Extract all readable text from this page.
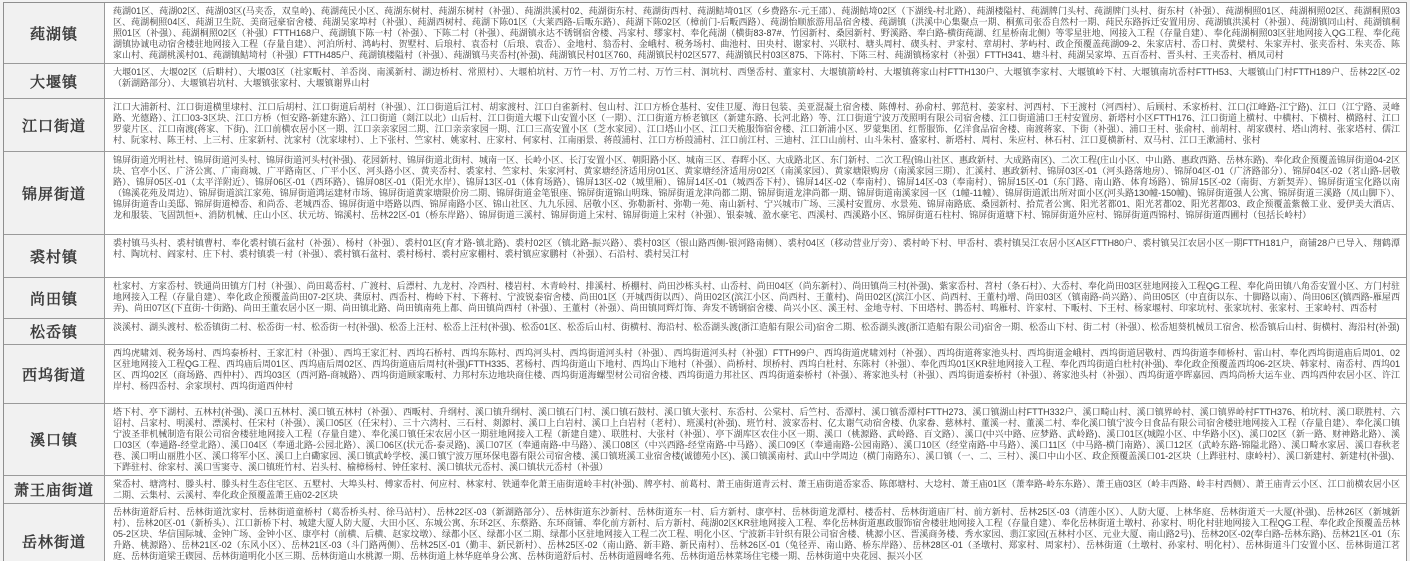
莼湖镇
莼湖01区、莼湖02区、莼湖03区(马夹岙，双皇岭)、莼湖莼民小区、莼湖东树村、莼湖东树村（补强）、莼湖洪溪村02、莼湖街东村、莼湖街西村、莼湖鲒埼01区（乡费路东-元王邵）、莼湖鲒埼02区（下湖线-村北路）、莼湖楼隘村、莼湖牌门头村、莼湖牌门头村、街东村（补强）、莼湖桐照01区、莼湖桐照02区、莼湖桐照03区、莼湖桐照04区、莼湖卫生院、美商冠豪宿舍楼、莼湖吴家埠村（补强）、莼湖西树村、莼湖下陈01区（大莱西路-后畈东路）、莼湖下陈02区（樟前门-后畈西路）、莼湖怡顺旅游用品宿舍楼、莼湖镇（洪溪中心集聚点一期、桐蕉司张岙自然村一期、莼民东路拆迁安置用房、莼湖镇洪溪村（补强）、莼湖镇同山村、莼湖镇桐照01区（补强）、莼湖桐照02区（补强）FTTH168户、莼湖镇下陈一村（补强）、下陈二村（补强）、莼湖镇永达不锈钢宿舍楼、冯家村、缪家村、奉化莼湖（横街83-87#、竹园新村、桑园新村、野溪路、奉白路-横街莼湖、红星桥南北侧）等零星驻地、网接入工程（存量自建）、奉化莼湖桐照03区驻地网接入QG工程、奉化莼湖镇协诚电动宿舍楼驻地网接入工程（存量自建）、河泊所村、鸿屿村、贺墅村、后琅村、袁岙村（后琅、袁岙）、金地村、翁岙村、金峨村、税务场村、曲池村、田央村、谢家村、兴联村、塘头周村、碶头村、尹家村、章胡村、茅屿村、政企预覆盖莼湖09-2、朱家店村、岙口村、黄檗村、朱家弄村、张夹岙村、朱夹岙、陈家山村、莼湖桃溪村01、莼湖镇鲒埼村（补强）FTTH485户、莼湖镇楼隘村（补强）、莼湖镇马夹岙村(补强)、莼湖镇民村01区760、莼湖镇民村02区577、莼湖镇民村03区875、下陈村、下陈三村、莼湖镇杨家村（补强）FTTH341、塘斗村、莼湖吴家埠、五百岙村、晋头村、王夹岙村、栖凤司村
大堰镇
大堰01区、大堰02区（后畊村）、大堰03区（社家畈村、羊岙岗、南溪新村、湖边桥村、常照村）、大堰柏坑村、万竹一村、万竹二村、万竹三村、洞坑村、西堡岙村、董家村、大堰镇箭岭村、大堰镇蒋家山村FTTH130户、大堰镇李家村、大堰镇岭下村、大堰镇南坑岙村FTTH53、大堰镇山门村FTTH189户、岳林22区-02（新湖路部分）、大堰镇岩坑村、大堰镇张家村、大堰镇谢界山村
江口街道
江口大浦新村、江口街道横里埭村、江口后胡村、江口街道后胡村（补强）、江口街道后江村、胡家渡村、江口白雀新村、包山村、江口方桥仓基村、安佳卫厦、海日包装、美亚混凝土宿舍楼、陈傅村、孙俞村、郭范村、姜家村、河西村、下王渡村（河西村）、后顾村、禾家桥村、江口(江峰路-江宁路)、江口（江宁路、灵峰路、光德路）、江口03-3区块、江口方桥（恒安路-新建东路）、江口街道（剡江以北）山后村、江口街道大堰下山安置小区（一期）、江口街道方桥老镇区（新建东路、长河北路）等、江口街道宁波万茂照明有限公司宿舍楼、江口街道浦口王村安置房、新塔村小区FTTH176、江口街道上横村、中横村、下横村、横路村、江口罗蒙片区、江口南渡(蒋家、下街)、江口前横农居小区一期、江口亲亲家园二期、江口亲亲家园一期、江口三高安置小区（芝水家园）、江口塔山小区、江口天桅服饰宿舍楼、江口新浦小区、罗蒙集团、红帮服饰、亿洋食品宿舍楼、南渡蒋家、下街（补强）、浦口王村、张俞村、前胡村、胡家碶村、塔山湾村、张家塔村、儒江村、阮家村、陈王村、上三村、庄家新村、沈家村（沈家埭村）、上下张村、竺家村、姚家村、庄家村、何家村、江南丽景、蒋葭浦村、江口方桥葭浦村、江口前江村、三迪村、江口山前村、山斗朱村、盛家村、新塔村、周村、朱应村、林石村、江口夏横新村、双马村、江口王漱浦村、张村
锦屏街道
锦屏街道光明社村、锦屏街道河头村、锦屏街道河头村(补强)、花园新村、锦屏街道北街村、城南一区、长岭小区、长汀安置小区、朝阳路小区、城南三区、春晖小区、大成路北区、东门新村、二次工程(锦山社区、惠政新村、大成路南区)、二次工程(庄山小区、中山路、惠政西路、岳林东路)、奉化政企预覆盖锦屏街道04-2区块、官亭小区、广济公寓、广南商城、广平路南区、广平小区、河头路小区、黄夹岙村、裘家村、竺家村、朱家河村、黄家塘经济适用房01区、黄家塘经济适用房02区（南溪家园）、黄家塘限购房（南溪家园三期）、汇溪村、惠政新村、锦屏03区-01（河头路落地房）、锦屏04区-01（广济路部分）、锦屏04区-02（茗山路-居敬路）、锦屏05区-01（太平洋附近）、锦屏06区-01（西环路）、锦屏08区-01（阳光水岸）、锦屏13区-01（体育场路）、锦屏13区-02（城里厢）、锦屏14区-01（城西岙下村）、锦屏14区-02（奉南村）、锦屏14区-03（奉南村）、锦屏15区-01（东门路、南山路、体育场路）、锦屏15区-02（南街、方新契弄）、锦屏街道宝化路以南（锦溪花苑及周边）、锦屏街道滨江家苑、锦屏街道鸿运建材市场、锦屏街道黄家塘限价房二期、锦屏街道金笔银座、锦屏街道锦山明珠、锦屏街道龙津尚都二期、锦屏街道龙津尚都一期、锦屏街道南溪家园一区（1幢-11幢）、锦屏街道派出所对面小区(河头路130幢-150幢)、锦屏街道强人公寓、锦屏街道三溪路（凤山脚下）、锦屏街道香山美邸、锦屏街道樟岙、和尚岙、老城西岙、锦屏街道中塔路以西、锦屏南路小区、锦山社区、九九乐园、居敬小区、弥勒新村、弥勒一苑、南山新村、宁兴城市广场、三溪村安置房、水景苑、锦屏南路底、桑园新村、拾荒者公寓、阳光茗都01、阳光茗都02、阳光茗都03、政企预覆盖紫薇工业、爱伊美大酒店、龙和服装、飞固凯恒+、消防机械、庄山小区、状元坊、锦溪村、岳林22区-01（桥东岸路）、锦屏街道三溪村、锦屏街道上宋村、锦屏街道上宋村（补强）、银泰城、盈水豪宅、西溪村、西溪路小区、锦屏街道石柱村、锦屏街道塘下村、锦屏街道外应村、锦屏街道西锦村、锦屏街道西圃村（包括长岭村）
裘村镇
裘村镇马头村、裘村镇曹村、奉化裘村镇石盆村（补强）、杨村（补强）、裘村01区(育才路-镇北路)、裘村02区（镇北路-振兴路）、裘村03区（银山路西侧-银河路南侧）、裘村04区（移动营业厅旁）、裘村岭下村、甲岙村、裘村镇吴江农居小区A区FTTH80户、裘村镇吴江农居小区一期FTTH181户，商铺28户已导入、翔鹤潭村、陶坑村、阎家村、庄下村、裘村镇裘一村（补强）、裘村镇石盆村、裘村杨村、裘村应家棚村、裘村镇应家鹏村（补强）、石沿村、裘村吴江村
尚田镇
杜家村、方家岙村、铁通尚田镇方门村（补强）、尚田葛岙村、广渡村、后漂村、九龙村、冷西村、楼岩村、木青岭村、排溪村、桥棚村、尚田沙栋头村、山岙村、尚田04区（尚东新村）、尚田镇尚三村(补强)、紫家岙村、苕村（条石村）、大岙村、奉化尚田03区驻地网接入工程QG工程、奉化尚田镇八角岙安置小区、方门村驻地网接入工程（存量自建）、奉化政企预覆盖尚田07-2区块、龚原村、西岙村、梅岭下村、下蒋村、宁波锐泰宿舍楼、尚田01区（开城西街以西）、尚田02区(滨江小区、尚西村、王董村)、尚田02区(滨江小区、尚西村、王董村)增、尚田03区（镇南路-尚兴路）、尚田05区（中直街以东、十脚路以南）、尚田06区(镇西路-雁屋西弄)、尚田07区(下直街-十街路)、尚田王董农居小区一期、尚田镇北路、尚田镇南苑上都、尚田镇尚西村（补强）、王董村（补强）、尚田镇同辉灯饰、奔发不锈钢宿舍楼、尚兴小区、溪王村、金地寺村、下田塔村、鹊岙村、鸣雁村、许家村、下畈村、下王村、杨家堰村、印家坑村、张家坑村、张家村、王家岭村、西岙村
松岙镇	淡溪村、湖头渡村、松岙镇街二村、松岙街一村、松岙街一村(补强)、松岙上汪村、松岙上汪村(补强)、松岙01区、松岙后山村、街横村、海沿村、松岙湖头渡(浙江造船有限公司)宿舍二期、松岙湖头渡(浙江造船有限公司)宿舍一期、松岙山下村、街二村（补强）、松岙旭葵机械员工宿舍、松岙镇后山村、街横村、海沿村(补强)
西坞街道
西坞虎啸刘、税务场村、西坞泰桥村、王家汇村（补强）、西坞王家汇村、西坞石桥村、西坞东陈村、西坞河头村、西坞街道河头村（补强）、西坞街道河头村（补强）FTTH99户、西坞街道虎啸刘村（补强）、西坞街道蒋家池头村、西坞街道金峨村、西坞街道居敬村、西坞街道李师桥村、雷山村、奉化西坞街道庙后周01、02区驻地网接入工程QG工程、西坞庙后周01区、西坞庙后周02区、西坞街道庙后周村(补强)FTTH335、茗杨村、西坞街道山下地村、西坞山下地村（补强）、尚桥村、坝桥村、西坞白杜村、东陈村（补强）、奉化西坞01区KR驻地网接入工程、奉化西坞街道白杜村(补强)、奉化政企预覆盖西坞06-2区块、韩家村、南岙村、西坞01区、西坞02区（商场路、西仲村）、西坞03区（西河路-商城路）、西坞街道顾家畈村、力邦村东边地块商住楼、西坞街道海螺型材公司宿舍楼、西坞街道力邦社区、西坞街道泰桥村（补强）、蒋家池头村（补强）、西坞街道泰桥村（补强）、蒋家池头村（补强）、西坞街道亭晖嘉园、西坞尚桥大运车业、西坞西仲农居小区、许江岸村、杨四岙村、余家坝村、西坞街道西仲村
溪口镇
塔下村、亭下湖村、五林村(补强)、溪口五林村、溪口镇五林村（补强）、西畈村、升纲村、溪口镇升纲村、溪口镇石门村、溪口镇石鼓村、溪口镇大张村、东岙村、公棠村、后竺村、岙潭村、溪口镇岙潭村FTTH273、溪口镇湖山村FTTH332户、溪口畸山村、溪口镇界岭村、溪口镇界岭村FTTH376、柏坑村、溪口联胜村、六诏村、吕家村、明溪村、漂溪村、任宋村（补强）、溪口05区（任宋村）、三十六湾村、三石村、剡源村、溪口上白岩村、溪口上白岩村（老村）、班溪村(补强)、班竹村、波家岙村、亿太谢气动宿舍楼、仇家畚、慈林村、董溪一村、董溪二村、奉化溪口镇宁波今日食品有限公司宿舍楼驻地网接入工程（存量自建）、奉化溪口镇宁波圣菲机械制造有限公司宿舍楼驻地网接入工程（存量自建）、奉化溪口镇任宋农居小区一期驻地网接入工程（新建自建）、联胜村、大张村（补强）、亭下湖库区农住小区一期、溪口（桃源路、武岭路、百文路）、溪口(中兴中路、应梦路、武岭路)、溪口01区(城隍小区、中华路小区)、溪口02区（新一路、财神路北路）、溪口03区（奉通路-经堂北路）、溪口04区（奉通北路-公园北路）、溪口06区(状元岙-泰灵路)、溪口07区（奉通南路-中马路）、溪口08区（中兴西路-经堂南路-中马路）、溪口09区（奉通南路-公园南路）、溪口10区（经堂南路-中马路）、溪口11区（中马路-横门南路）、溪口12区（武岭东路-锦隘北路）、溪口畸水家居、溪口春秋老巷、溪口明山丽胜小区、溪口将军小区、溪口上白磡家园、溪口镇武岭学校、溪口镇宁波万厘环保电器有限公司宿舍楼、溪口镇班溪工业宿舍楼(诚德苑小区)、溪口镇溪南村、武山中学周边（横门南路东）、溪口镇（一、二、三村）、溪口中山小区、政企预覆盖溪口01-2区块（上跸驻村、康岭村）、溪口新建村、新建村(补强)、下跸驻村、徐家村、溪口雪窦寺、溪口镇班竹村、岩头村、榆樟杨村、钟任家村、溪口镇状元岙村、溪口镇状元岙村（补强）
萧王庙街道	棠岙村、塘湾村、滕头村、滕头村生态住宅区、五墅村、大埠头村、傅家岙村、何应村、林家村、铁通奉化萧王庙街道岭丰村(补强)、牌亭村、前葛村、萧王庙街道青云村、萧王庙街道岙家岙、陈郎塘村、大埝村、萧王庙01区（萧奉路-岭东东路）、萧王庙03区（岭丰西路、岭丰村西侧）、萧王庙青云小区、江口前横农居小区二期、云集村、云溪村、奉化政企预覆盖萧王庙02-2区块
岳林街道
岳林街道舒后村、岳林街道沈家村、岳林街道童桥村（葛岙桥头村、徐马站村）、岳林22区-03（新湖路部分）、岳林街道东沙新村、岳林街道东一村、后方新村、康亭村、岳林街道龙潭村、楼岙村、岳林街道庙厂村、前方新村、岳林25区-03（清莲小区）、人防大厦、上林华庭、岳林街道天一大厦(补强)、岳林26区（新城新村）、岳林20区-01（新桥头）、江口新桥下村、城建大厦人防大厦、大田小区、东城公寓、东环2区、东蔡路、东环商铺、奉化前方新村、后方新村、莼湖02区KR驻地网接入工程、奉化岳林街道惠政服饰宿舍楼驻地网接入工程（存量自建）、奉化岳林街道土墩村、孙家村、明化村驻地网接入工程QG工程、奉化政企预覆盖岳林05-2区块、华信国际城、金钟广场、金钟小区、康亭村（前横、后横、赵家坟墩）、绿都小区、绿都小区二期、绿都小区驻地网接入工程二次工程、明化小区、宁波新丰针织有限公司宿舍楼、桃源小区、晋溪商务楼、秀水家园、翡江家园(五林村小区、元业大厦、南山路2号)、岳林20区-02(奉白路-岳林东路)、岳林21区-01（东升路、桃源路）、岳林21区-02（东风小区）、岳林21区-03（斗门路两侧）、岳林25区-01（勤丰、新民新村）、岳林25区-02（南山路、新丰路、新民南村）、岳林26区-01（兔径弄、南山路、桥东岸路）、岳林28区-01（圣墩村、郑家村、周家村）、岳林街道（土墩村、孙家村、明化村）、岳林街道斗门安置小区、岳林街道江茗庭、岳林街道梁王碶园、岳林街道明化小区三期、岳林街道山水桃源一期、岳林街道上林华庭单身公寓、岳林街道舒后村、岳林街道圆峰名苑、岳林街道岳林菜场住宅楼一期、岳林街道中央花园、振兴小区
